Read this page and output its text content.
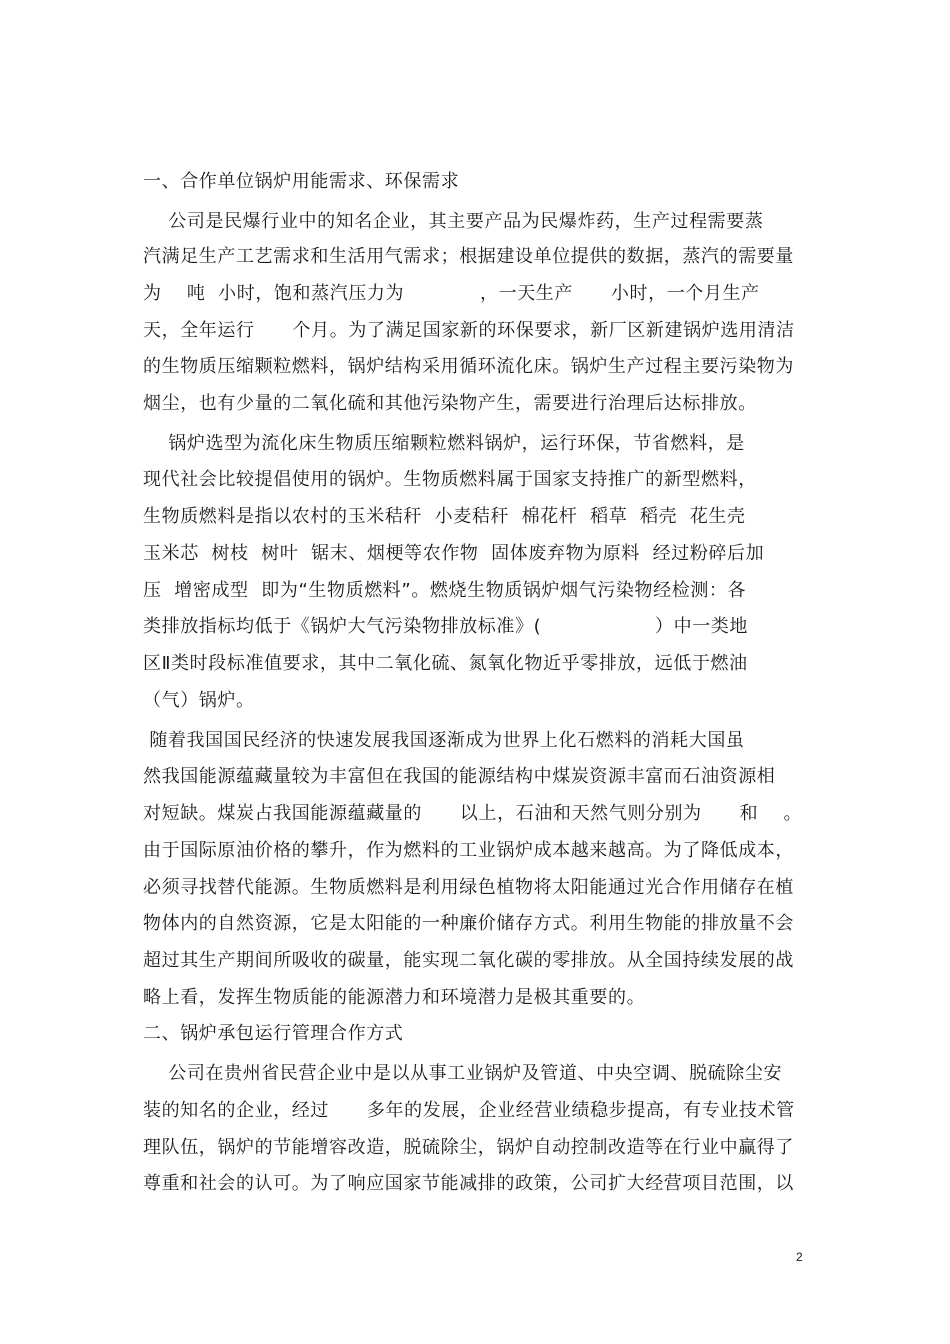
一、合作单位锅炉用能需求、环保需求
公司是民爆行业中的知名企业，其主要产品为民爆炸药，生产过程需要蒸
汽满足生产工艺需求和生活用气需求；根据建设单位提供的数据，蒸汽的需要量
为    吨  小时，饱和蒸汽压力为            ，一天生产      小时，一个月生产
天，全年运行      个月。为了满足国家新的环保要求，新厂区新建锅炉选用清洁
的生物质压缩颗粒燃料，锅炉结构采用循环流化床。锅炉生产过程主要污染物为
烟尘，也有少量的二氧化硫和其他污染物产生，需要进行治理后达标排放。
锅炉选型为流化床生物质压缩颗粒燃料锅炉，运行环保，节省燃料，是
现代社会比较提倡使用的锅炉。生物质燃料属于国家支持推广的新型燃料，
生物质燃料是指以农村的玉米秸秆  小麦秸秆  棉花杆  稻草  稻壳  花生壳
玉米芯  树枝  树叶  锯末、烟梗等农作物  固体废弃物为原料  经过粉碎后加
压  增密成型  即为“生物质燃料”。燃烧生物质锅炉烟气污染物经检测：各
类排放指标均低于《锅炉大气污染物排放标准》(                  ）中一类地
区Ⅱ类时段标准值要求，其中二氧化硫、氮氧化物近乎零排放，远低于燃油
（气）锅炉。
随着我国国民经济的快速发展我国逐渐成为世界上化石燃料的消耗大国虽
然我国能源蕴藏量较为丰富但在我国的能源结构中煤炭资源丰富而石油资源相
对短缺。煤炭占我国能源蕴藏量的      以上，石油和天然气则分别为      和    。
由于国际原油价格的攀升，作为燃料的工业锅炉成本越来越高。为了降低成本，
必须寻找替代能源。生物质燃料是利用绿色植物将太阳能通过光合作用储存在植
物体内的自然资源，它是太阳能的一种廉价储存方式。利用生物能的排放量不会
超过其生产期间所吸收的碳量，能实现二氧化碳的零排放。从全国持续发展的战
略上看，发挥生物质能的能源潜力和环境潜力是极其重要的。
二、锅炉承包运行管理合作方式
公司在贵州省民营企业中是以从事工业锅炉及管道、中央空调、脱硫除尘安
装的知名的企业，经过      多年的发展，企业经营业绩稳步提高，有专业技术管
理队伍，锅炉的节能增容改造，脱硫除尘，锅炉自动控制改造等在行业中赢得了
尊重和社会的认可。为了响应国家节能减排的政策，公司扩大经营项目范围，以
2
